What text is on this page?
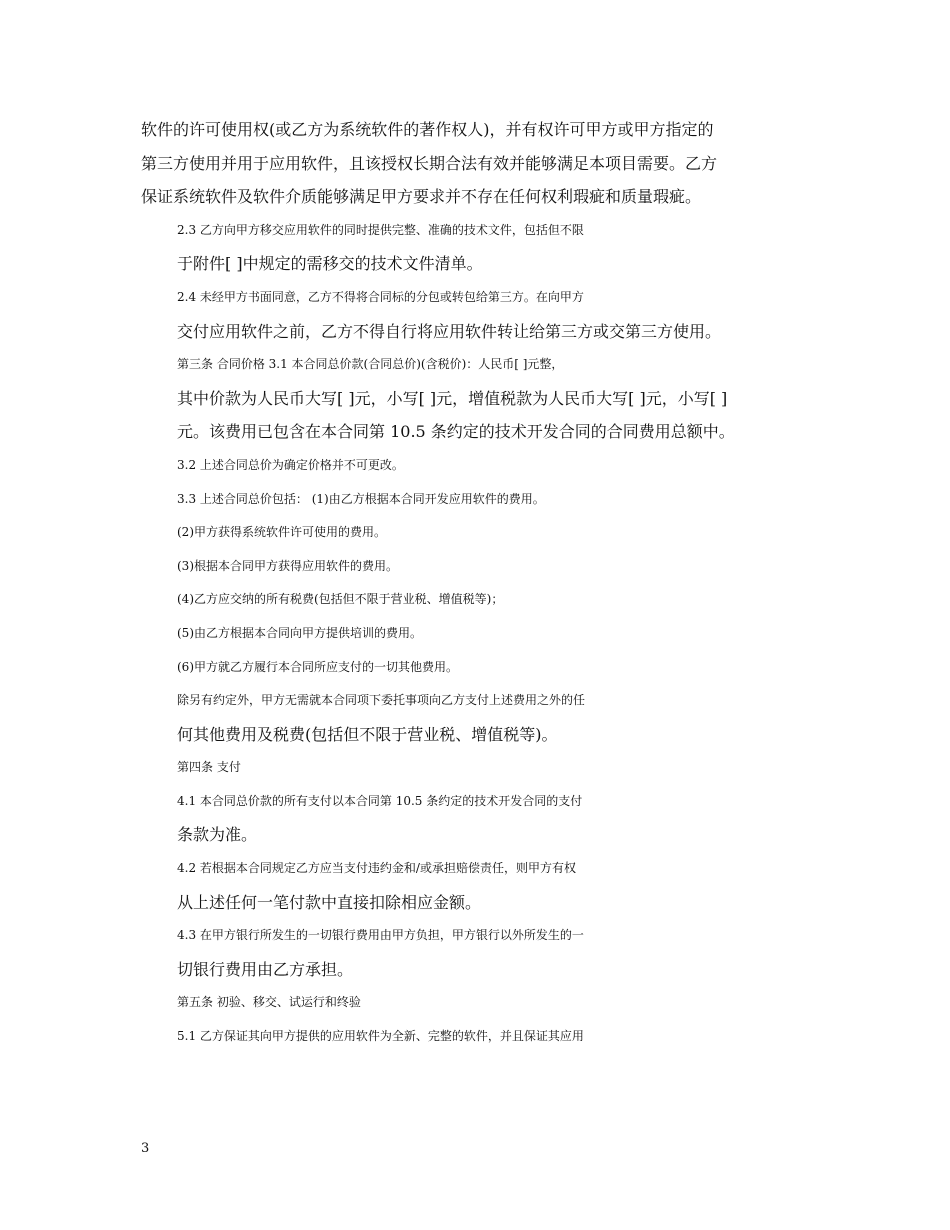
软件的许可使用权(或乙方为系统软件的著作权人)，并有权许可甲方或甲方指定的
第三方使用并用于应用软件，且该授权长期合法有效并能够满足本项目需要。乙方
保证系统软件及软件介质能够满足甲方要求并不存在任何权利瑕疵和质量瑕疵。

2.3 乙方向甲方移交应用软件的同时提供完整、准确的技术文件，包括但不限
于附件[ ]中规定的需移交的技术文件清单。

2.4 未经甲方书面同意，乙方不得将合同标的分包或转包给第三方。在向甲方
交付应用软件之前，乙方不得自行将应用软件转让给第三方或交第三方使用。

第三条 合同价格 3.1 本合同总价款(合同总价)(含税价)：人民币[ ]元整，
其中价款为人民币大写[ ]元，小写[ ]元，增值税款为人民币大写[ ]元，小写[ ]
元。该费用已包含在本合同第 10.5 条约定的技术开发合同的合同费用总额中。

3.2 上述合同总价为确定价格并不可更改。

3.3 上述合同总价包括： (1)由乙方根据本合同开发应用软件的费用。

(2)甲方获得系统软件许可使用的费用。

(3)根据本合同甲方获得应用软件的费用。

(4)乙方应交纳的所有税费(包括但不限于营业税、增值税等)；

(5)由乙方根据本合同向甲方提供培训的费用。

(6)甲方就乙方履行本合同所应支付的一切其他费用。

除另有约定外，甲方无需就本合同项下委托事项向乙方支付上述费用之外的任
何其他费用及税费(包括但不限于营业税、增值税等)。

第四条 支付

4.1 本合同总价款的所有支付以本合同第 10.5 条约定的技术开发合同的支付
条款为准。

4.2 若根据本合同规定乙方应当支付违约金和/或承担赔偿责任，则甲方有权
从上述任何一笔付款中直接扣除相应金额。

4.3 在甲方银行所发生的一切银行费用由甲方负担，甲方银行以外所发生的一
切银行费用由乙方承担。

第五条 初验、移交、试运行和终验

5.1 乙方保证其向甲方提供的应用软件为全新、完整的软件，并且保证其应用

3
